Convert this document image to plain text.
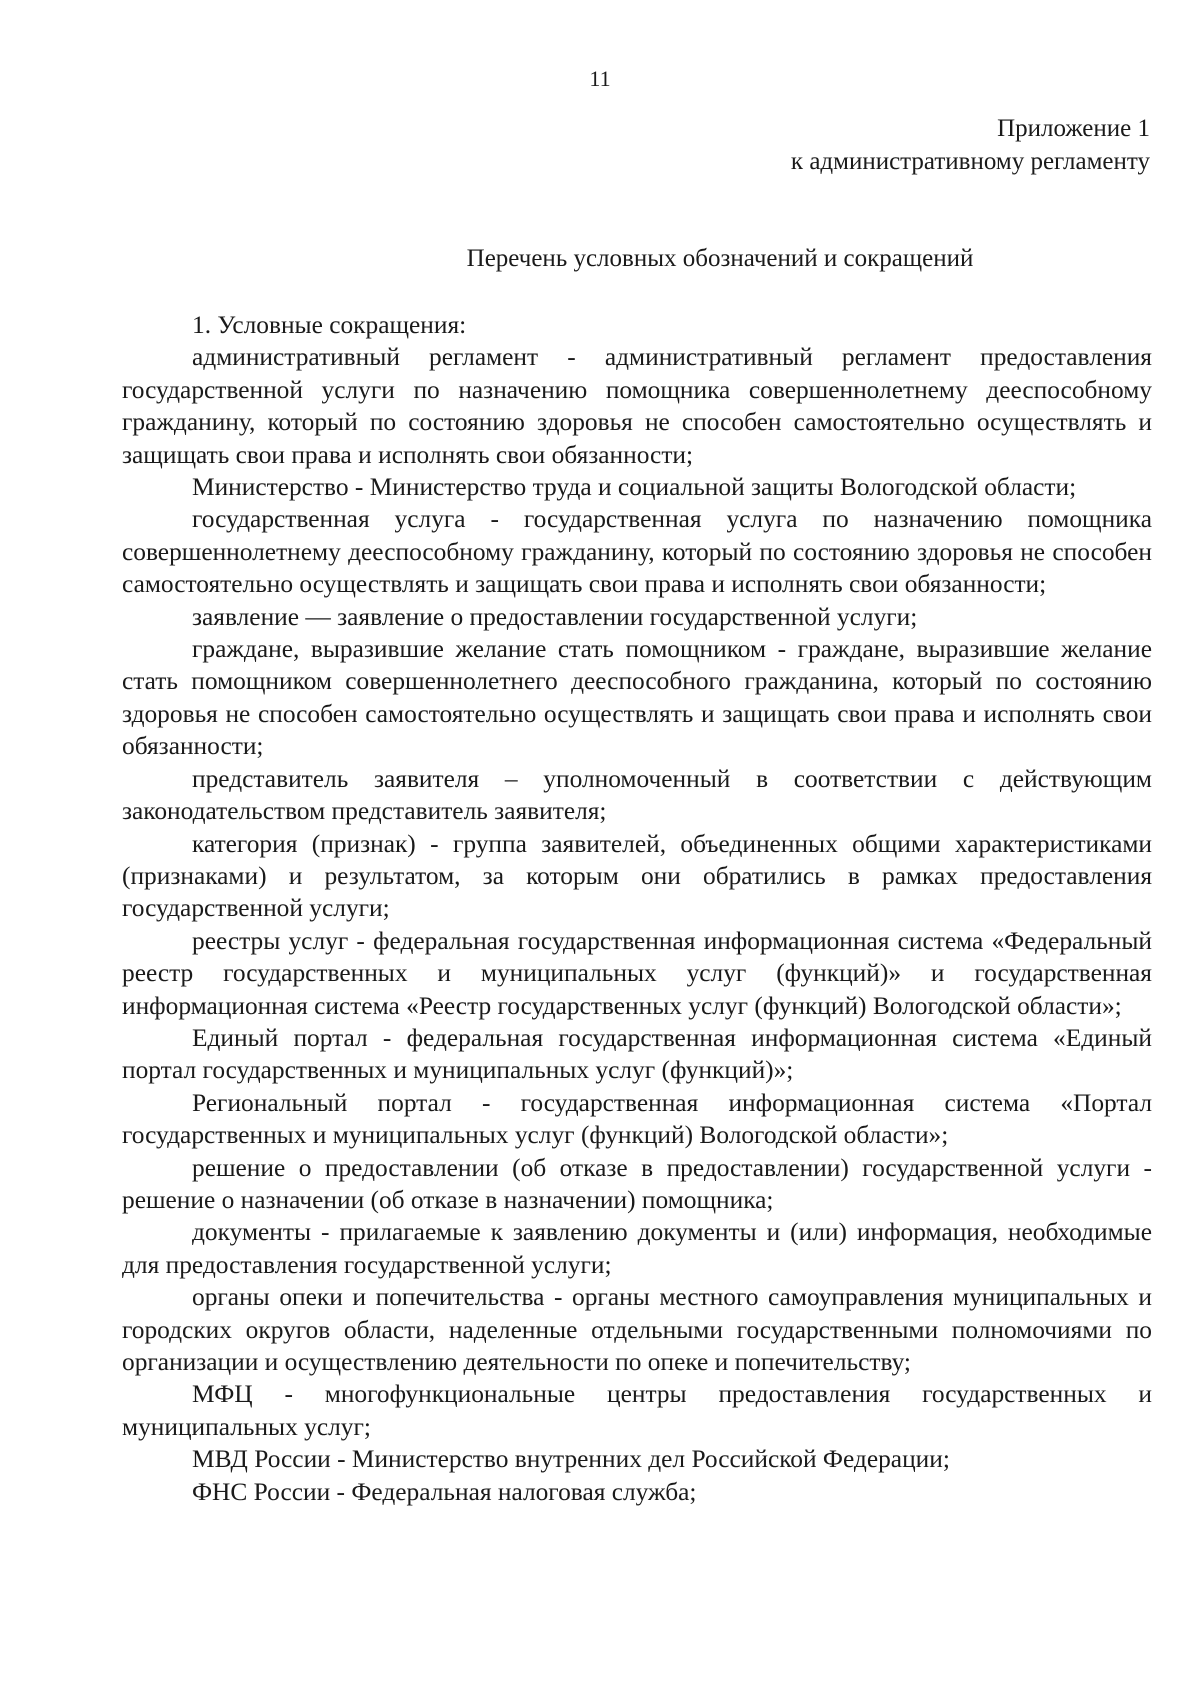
11
Приложение 1
к административному регламенту
Перечень условных обозначений и сокращений

1. Условные сокращения:

административный регламент - административный регламент предоставления государственной услуги по назначению помощника совершеннолетнему дееспособному гражданину, который по состоянию здоровья не способен самостоятельно осуществлять и защищать свои права и исполнять свои обязанности;

Министерство - Министерство труда и социальной защиты Вологодской области;

государственная услуга - государственная услуга по назначению помощника совершеннолетнему дееспособному гражданину, который по состоянию здоровья не способен самостоятельно осуществлять и защищать свои права и исполнять свои обязанности;

заявление — заявление о предоставлении государственной услуги;

граждане, выразившие желание стать помощником - граждане, выразившие желание стать помощником совершеннолетнего дееспособного гражданина, который по состоянию здоровья не способен самостоятельно осуществлять и защищать свои права и исполнять свои обязанности;

представитель заявителя – уполномоченный в соответствии с действующим законодательством представитель заявителя;

категория (признак) - группа заявителей, объединенных общими характеристиками (признаками) и результатом, за которым они обратились в рамках предоставления государственной услуги;

реестры услуг - федеральная государственная информационная система «Федеральный реестр государственных и муниципальных услуг (функций)» и государственная информационная система «Реестр государственных услуг (функций) Вологодской области»;

Единый портал - федеральная государственная информационная система «Единый портал государственных и муниципальных услуг (функций)»;

Региональный портал - государственная информационная система «Портал государственных и муниципальных услуг (функций) Вологодской области»;

решение о предоставлении (об отказе в предоставлении) государственной услуги - решение о назначении (об отказе в назначении) помощника;

документы - прилагаемые к заявлению документы и (или) информация, необходимые для предоставления государственной услуги;

органы опеки и попечительства - органы местного самоуправления муниципальных и городских округов области, наделенные отдельными государственными полномочиями по организации и осуществлению деятельности по опеке и попечительству;

МФЦ - многофункциональные центры предоставления государственных и муниципальных услуг;

МВД России - Министерство внутренних дел Российской Федерации;

ФНС России - Федеральная налоговая служба;
